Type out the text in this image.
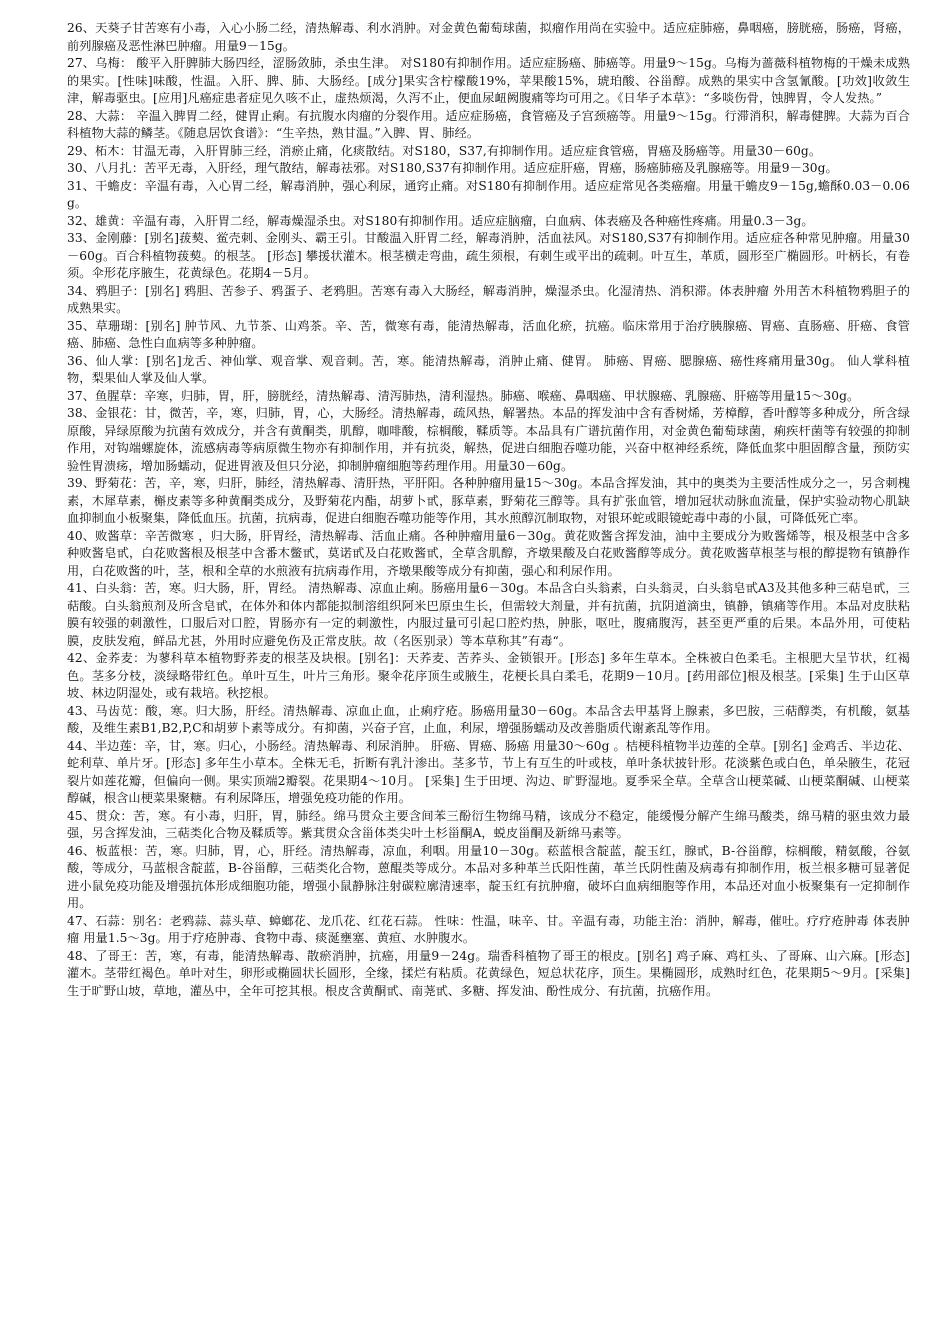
26、天葵子甘苦寒有小毒，入心小肠二经，清热解毒、利水消肿。对金黄色葡萄球菌，拟瘤作用尚在实验中。适应症肺癌，鼻咽癌，膀胱癌，肠癌，肾癌，前列腺癌及恶性淋巴肿瘤。用量9－15g。

27、乌梅： 酸平入肝脾肺大肠四经，涩肠敛肺，杀虫生津。 对S180有抑制作用。适应症肠癌、肺癌等。用量9～15g。乌梅为蔷薇科植物梅的干燥未成熟的果实。[性味]味酸，性温。入肝、脾、肺、大肠经。[成分]果实含柠檬酸19%，苹果酸15%，琥珀酸、谷甾醇。成熟的果实中含氢氰酸。[功效]收敛生津，解毒驱虫。[应用]凡癌症患者症见久咳不止，虚热烦渴，久泻不止，便血尿衄阙腹痛等均可用之。《日华子本草》：“多啖伤骨，蚀脾胃，令人发热。”

28、大蒜： 辛温入脾胃二经，健胃止痢。有抗腹水肉瘤的分裂作用。适应症肠癌，食管癌及子宫颈癌等。用量9～15g。行滞消积，解毒健脾。大蒜为百合科植物大蒜的鳞茎。《随息居饮食谱》：“生辛热，熟甘温。”入脾、胃、肺经。

29、柘木：甘温无毒，入肝胃肺三经，消瘀止痛，化痰散结。对S180，S37,有抑制作用。适应症食管癌，胃癌及肠癌等。用量30－60g。

30、八月扎：苦平无毒，入肝经，理气散结，解毒祛邪。对S180,S37有抑制作用。适应症肝癌，胃癌，肠癌肺癌及乳腺癌等。用量9－30g。

31、干蟾皮：辛温有毒，入心胃二经，解毒消肿，强心利尿，通窍止痛。对S180有抑制作用。适应症常见各类癌瘤。用量干蟾皮9－15g,蟾酥0.03－0.06g。

32、雄黄：辛温有毒，入肝胃二经，解毒燥湿杀虫。对S180有抑制作用。适应症脑瘤，白血病、体表癌及各种癌性疼痛。用量0.3－3g。

33、金刚藤：[别名]菝葜、鲎壳刺、金刚头、霸王引。甘酸温入肝胃二经，解毒消肿，活血祛风。对S180,S37有抑制作用。适应症各种常见肿瘤。用量30－60g。百合科植物菝葜。的根茎。 [形态] 攀援状灌木。根茎横走弯曲，疏生须根，有刺生或平出的疏刺。叶互生，革质，圆形至广椭圆形。叶柄长，有卷须。伞形花序腋生，花黄绿色。花期4－5月。

34、鸦胆子：[别名] 鸦胆、苦参子、鸦蛋子、老鸦胆。苦寒有毒入大肠经，解毒消肿，燥湿杀虫。化湿清热、消积滞。体表肿瘤 外用苦木科植物鸦胆子的成熟果实。

35、草珊瑚：[别名] 肿节风、九节茶、山鸡茶。辛、苦，微寒有毒，能清热解毒，活血化瘀，抗癌。临床常用于治疗胰腺癌、胃癌、直肠癌、肝癌、食管癌、肺癌、急性白血病等多种肿瘤。

36、仙人掌：[别名]龙舌、神仙掌、观音掌、观音刺。苦，寒。能清热解毒，消肿止痛、健胃。 肺癌、胃癌、腮腺癌、癌性疼痛用量30g。 仙人掌科植物，梨果仙人掌及仙人掌。

37、鱼腥草：辛寒，归肺，胃，肝，膀胱经，清热解毒、清泻肺热，清利湿热。肺癌、喉癌、鼻咽癌、甲状腺癌、乳腺癌、肝癌等用量15～30g。

38、金银花：甘，微苦，辛，寒，归肺，胃，心，大肠经。清热解毒，疏风热，解署热。本品的挥发油中含有香树烯，芳樟醇，香叶醇等多种成分，所含绿原酸，异绿原酸为抗菌有效成分，并含有黄酮类，肌醇，咖啡酸，棕榈酸，鞣质等。本品具有广谱抗菌作用，对金黄色葡萄球菌，痢疾杆菌等有较强的抑制作用，对钩端螺旋体，流感病毒等病原微生物亦有抑制作用，并有抗炎，解热，促进白细胞吞噬功能，兴奋中枢神经系统，降低血浆中胆固醇含量，预防实验性胃溃疡，增加肠蠕动，促进胃液及但只分泌，抑制肿瘤细胞等药理作用。用量30－60g。

39、野菊花：苦，辛，寒，归肝，肺经，清热解毒、清肝热，平肝阳。各种肿瘤用量15～30g。本品含挥发油，其中的奥类为主要活性成分之一，另含刺槐素，木犀草素，槲皮素等多种黄酮类成分，及野菊花内酯，胡萝卜甙，豚草素，野菊花三醇等。具有扩张血管，增加冠状动脉血流量，保护实验动物心肌缺血抑制血小板聚集，降低血压。抗菌，抗病毒，促进白细胞吞噬功能等作用，其水煎醇沉制取物，对银环蛇或眼镜蛇毒中毒的小鼠，可降低死亡率。

40、败酱草：辛苦微寒 ，归大肠，肝胃经，清热解毒、活血止痛。各种肿瘤用量6－30g。黄花败酱含挥发油，油中主要成分为败酱烯等，根及根茎中含多种败酱皂甙，白花败酱根及根茎中含番木鳖甙，莫诺甙及白花败酱甙，全草含肌醇，齐墩果酸及白花败酱醇等成分。黄花败酱草根茎与根的醇提物有镇静作用，白花败酱的叶，茎，根和全草的水煎液有抗病毒作用，齐墩果酸等成分有抑菌，强心和利尿作用。

41、白头翁：苦，寒。归大肠，肝，胃经。 清热解毒、凉血止痢。肠癌用量6－30g。本品含白头翁素，白头翁灵，白头翁皂甙A3及其他多种三萜皂甙，三萜酸。白头翁煎剂及所含皂甙，在体外和体内都能拟制溶组织阿米巴原虫生长，但需较大剂量，并有抗菌，抗阴道滴虫，镇静，镇痛等作用。本品对皮肤粘膜有较强的刺激性，口服后对口腔，胃肠亦有一定的刺激性，内服过量可引起口腔灼热，肿胀，呕吐，腹痛腹泻，甚至更严重的后果。本品外用，可使粘膜，皮肤发疱，鲜品尤甚，外用时应避免伤及正常皮肤。故（名医别录）等本草称其”有毒“。

42、金荞麦：为蓼科草本植物野荞麦的根茎及块根。[别名]：天荞麦、苦荞头、金锁银开。[形态] 多年生草本。全株被白色柔毛。主根肥大呈节状，红褐色。茎多分枝，淡绿略带红色。单叶互生，叶片三角形。聚伞花序顶生或腋生，花梗长具白柔毛，花期9－10月。[药用部位]根及根茎。[采集] 生于山区草坡、林边阴湿处，或有栽培。秋挖根。

43、马齿苋：酸，寒。归大肠，肝经。清热解毒、凉血止血，止痢疗疮。肠癌用量30－60g。本品含去甲基肾上腺素，多巴胺，三萜醇类，有机酸，氨基酸，及维生素B1,B2,P,C和胡萝卜素等成分。有抑菌，兴奋子宫，止血，利尿，增强肠蠕动及改善脂质代谢紊乱等作用。

44、半边莲：辛，甘，寒。归心，小肠经。清热解毒、利尿消肿。 肝癌、胃癌、肠癌 用量30～60g 。桔梗科植物半边莲的全草。[别名] 金鸡舌、半边花、蛇利草、单片牙。[形态] 多年生小草本。全株无毛，折断有乳汁渗出。茎多节，节上有互生的叶或枝，单叶条状披针形。花淡紫色或白色，单朵腋生，花冠裂片如莲花瓣，但偏向一侧。果实顶端2瓣裂。花果期4～10月。 [采集] 生于田埂、沟边、旷野湿地。夏季采全草。全草含山梗菜碱、山梗菜酮碱、山梗菜醇碱，根含山梗菜果聚糖。有利尿降压，增强免疫功能的作用。

45、贯众：苦，寒。有小毒，归肝，胃，肺经。绵马贯众主要含间苯三酚衍生物绵马精，该成分不稳定，能缓慢分解产生绵马酸类，绵马精的驱虫效力最强，另含挥发油，三萜类化合物及鞣质等。紫萁贯众含甾体类尖叶土杉甾酮A，蜕皮甾酮及新绵马素等。

46、板蓝根：苦，寒。归肺，胃，心，肝经。清热解毒，凉血，利咽。用量10－30g。菘蓝根含靛蓝，靛玉红，腺甙，B-谷甾醇，棕榈酸，精氨酸，谷氨酸，等成分，马蓝根含靛蓝，B-谷甾醇，三萜类化合物，蒽醌类等成分。本品对多种革兰氏阳性菌，革兰氏阴性菌及病毒有抑制作用，板兰根多糖可显著促进小鼠免疫功能及增强抗体形成细胞功能，增强小鼠静脉注射碳粒廓清速率，靛玉红有抗肿瘤，破坏白血病细胞等作用，本品还对血小板聚集有一定抑制作用。

47、石蒜：别名：老鸦蒜、蒜头草、蟑螂花、龙爪花、红花石蒜。 性味：性温，味辛、甘。辛温有毒，功能主治：消肿，解毒，催吐。疗疗疮肿毒 体表肿瘤 用量1.5～3g。用于疗疮肿毒、食物中毒、痰涎壅塞、黄疸、水肿腹水。

48、了哥王：苦，寒，有毒，能清热解毒、散瘀消肿，抗癌，用量9－24g。瑞香科植物了哥王的根皮。[别名] 鸡子麻、鸡杠头、了哥麻、山六麻。[形态] 灌木。茎带红褐色。单叶对生，卵形或椭圆状长圆形，全缘，揉烂有粘质。花黄绿色，短总状花序，顶生。果椭圆形，成熟时红色，花果期5～9月。[采集] 生于旷野山坡，草地，灌丛中，全年可挖其根。根皮含黄酮甙、南荛甙、多糖、挥发油、酚性成分、有抗菌，抗癌作用。
